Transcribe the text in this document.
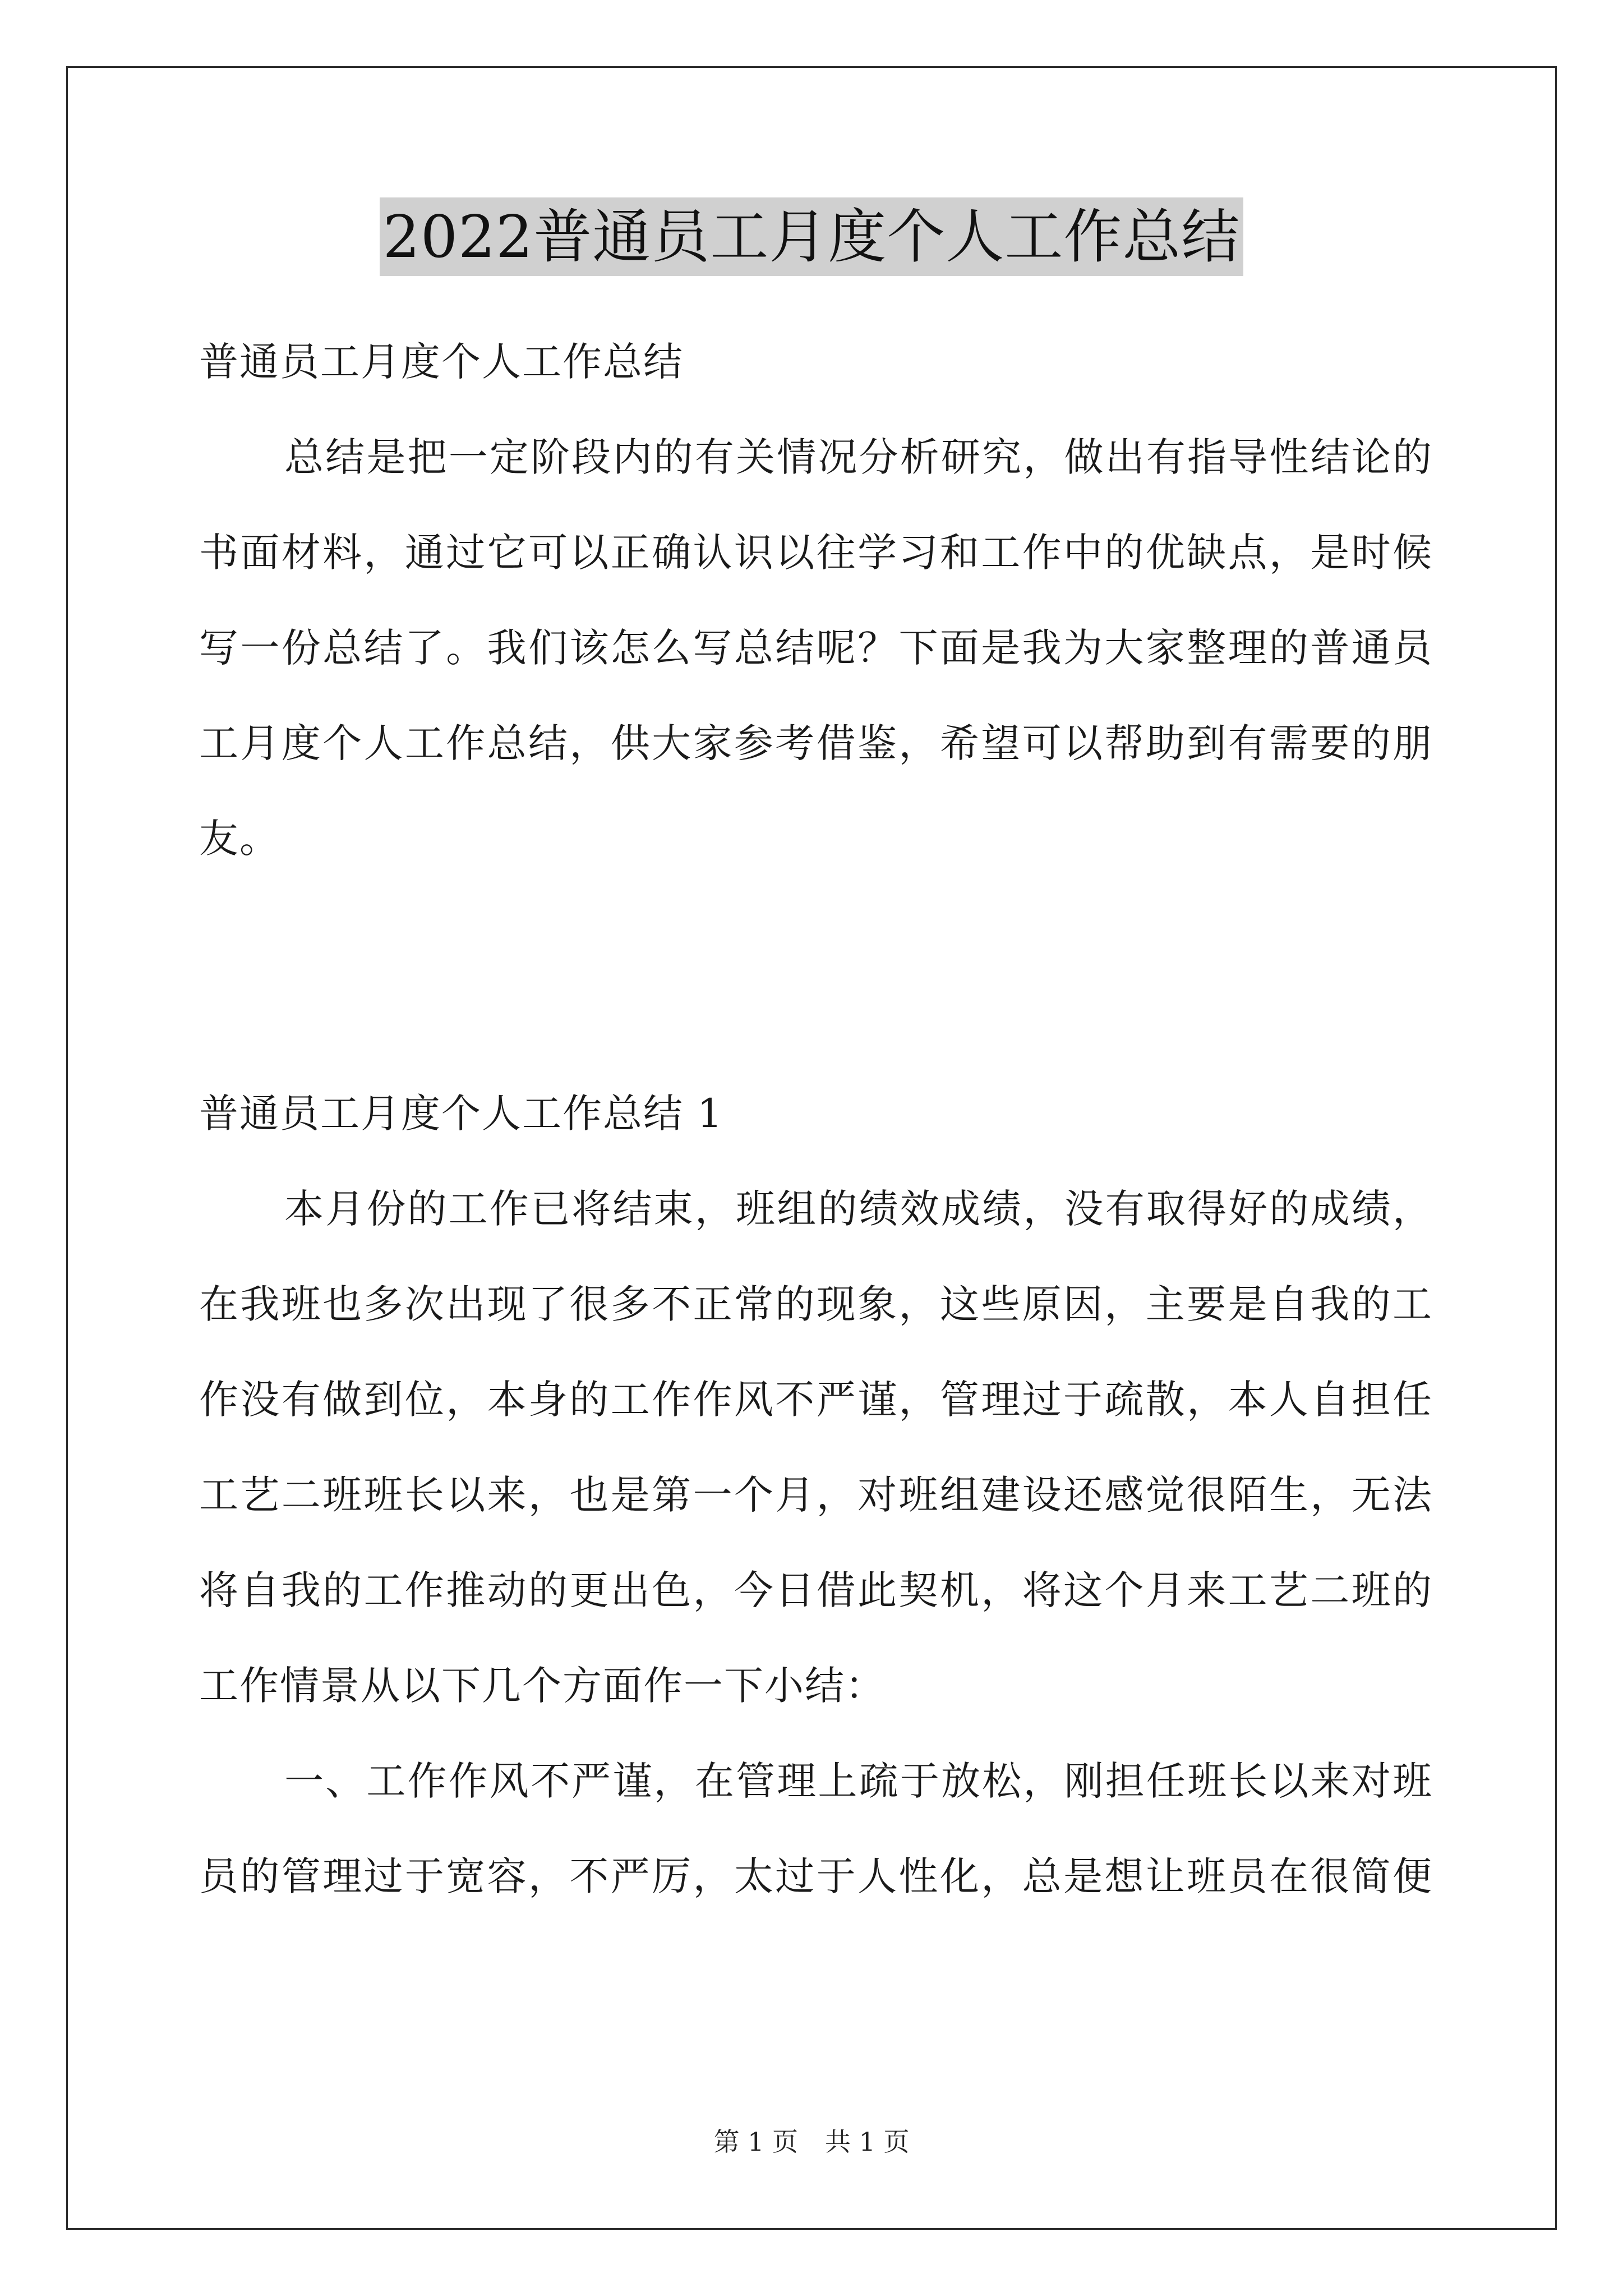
2022普通员工月度个人工作总结
普通员工月度个人工作总结
总结是把一定阶段内的有关情况分析研究，做出有指导性结论的
书面材料，通过它可以正确认识以往学习和工作中的优缺点，是时候
写一份总结了。我们该怎么写总结呢？下面是我为大家整理的普通员
工月度个人工作总结，供大家参考借鉴，希望可以帮助到有需要的朋
友。
普通员工月度个人工作总结 1
本月份的工作已将结束，班组的绩效成绩，没有取得好的成绩，
在我班也多次出现了很多不正常的现象，这些原因，主要是自我的工
作没有做到位，本身的工作作风不严谨，管理过于疏散，本人自担任
工艺二班班长以来，也是第一个月，对班组建设还感觉很陌生，无法
将自我的工作推动的更出色，今日借此契机，将这个月来工艺二班的
工作情景从以下几个方面作一下小结：
一、工作作风不严谨，在管理上疏于放松，刚担任班长以来对班
员的管理过于宽容，不严厉，太过于人性化，总是想让班员在很简便
第 1 页 共 1 页
